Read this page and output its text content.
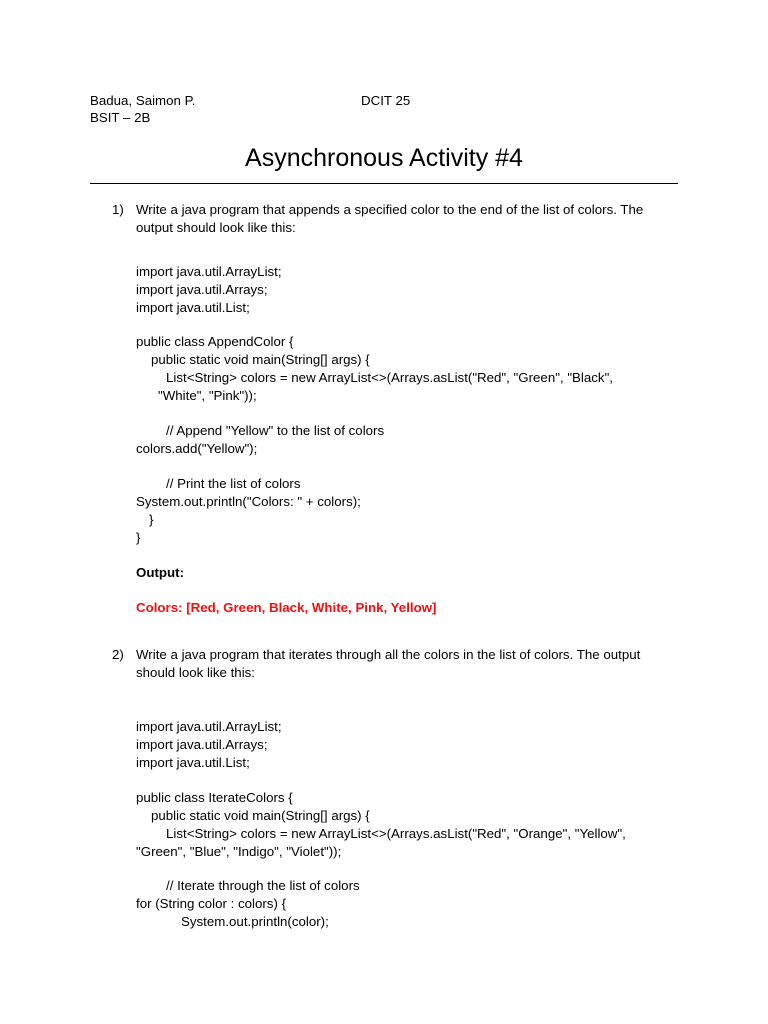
Badua, Saimon P.	DCIT 25

BSIT – 2B

Asynchronous Activity #4

1) Write a java program that appends a specified color to the end of the list of colors. The

output should look like this:

import java.util.ArrayList;

import java.util.Arrays;

import java.util.List;

public class AppendColor {

public static void main(String[] args) {

List<String> colors = new ArrayList<>(Arrays.asList("Red", "Green", "Black",

"White", "Pink"));

// Append "Yellow" to the list of colors

colors.add("Yellow");

// Print the list of colors

System.out.println("Colors: " + colors);

}

}

Output:

Colors: [Red, Green, Black, White, Pink, Yellow]

2) Write a java program that iterates through all the colors in the list of colors. The output

should look like this:

import java.util.ArrayList;

import java.util.Arrays;

import java.util.List;

public class IterateColors {

public static void main(String[] args) {

List<String> colors = new ArrayList<>(Arrays.asList("Red", "Orange", "Yellow",

"Green", "Blue", "Indigo", "Violet"));

// Iterate through the list of colors

for (String color : colors) {

System.out.println(color);
